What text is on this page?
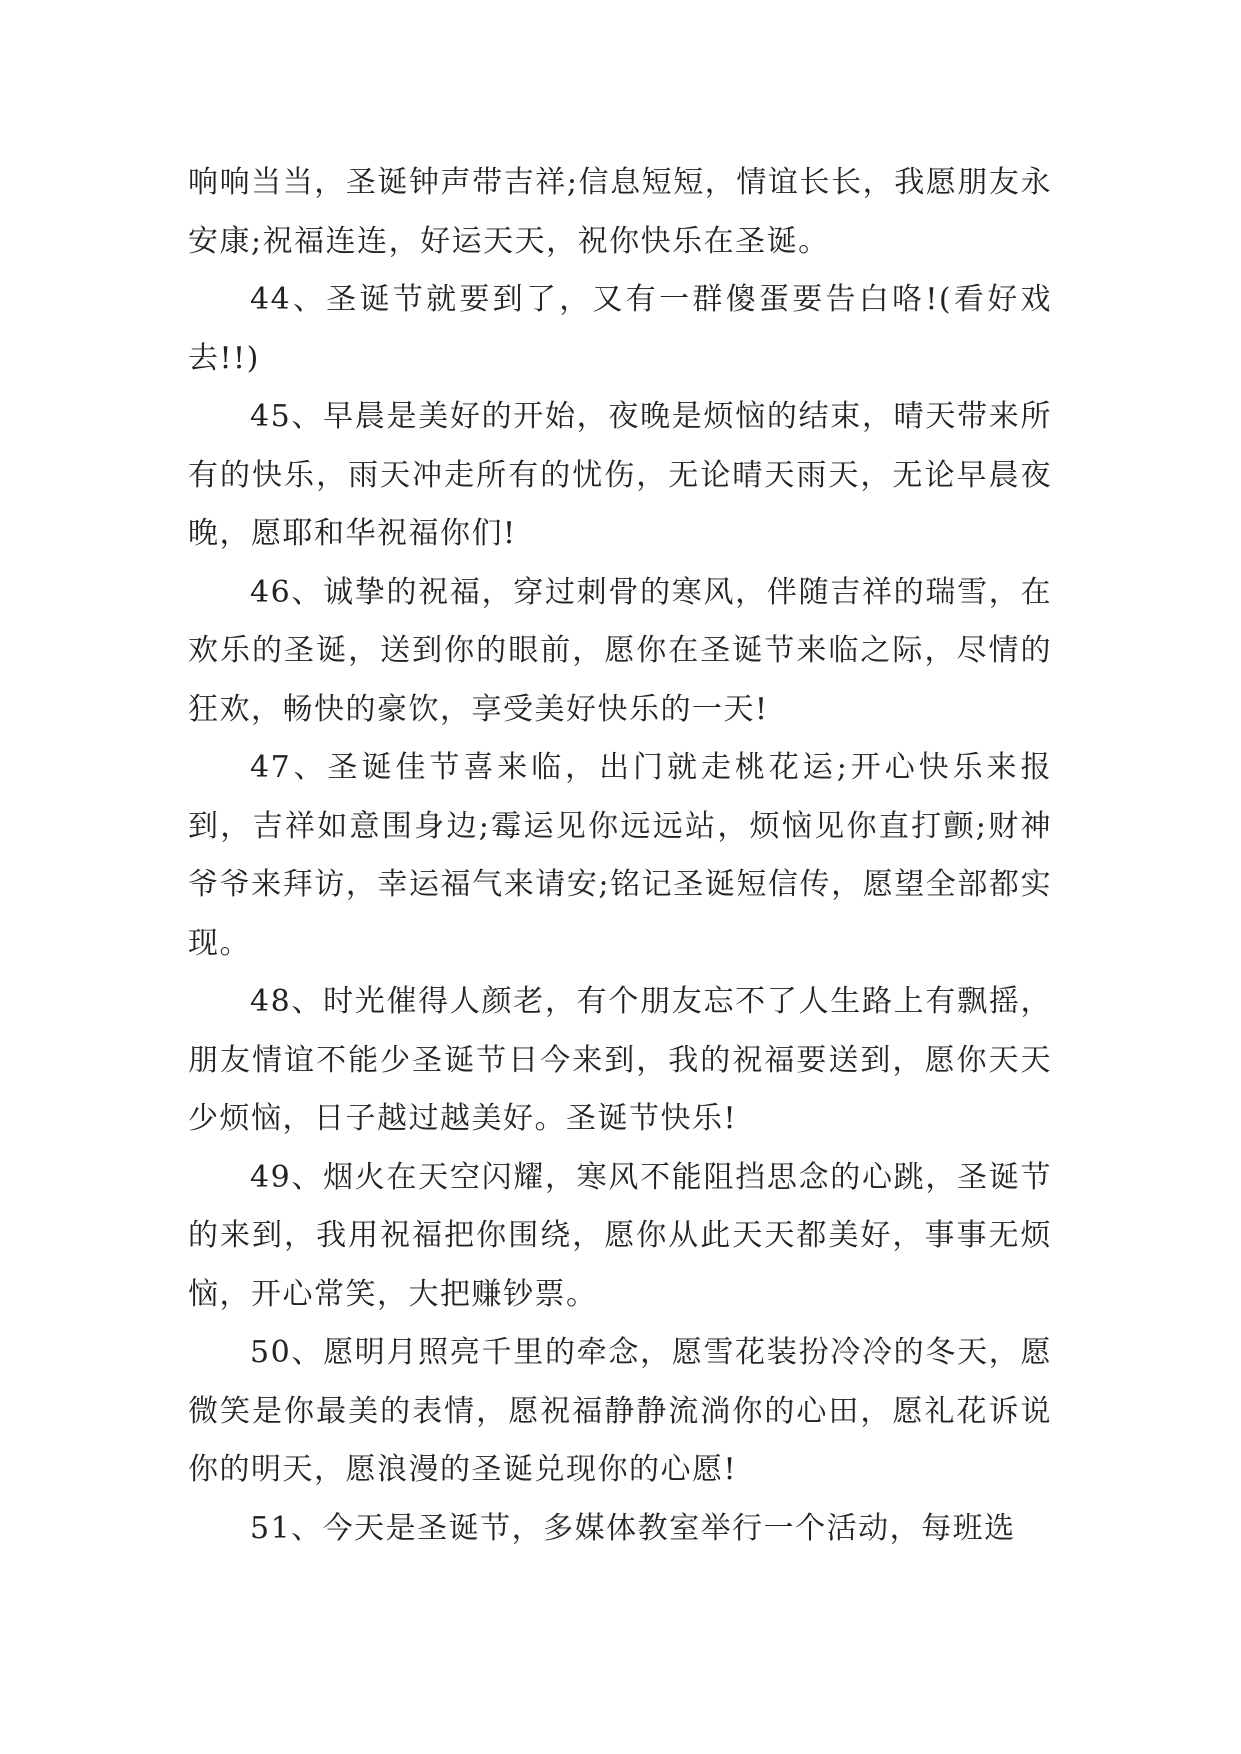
响响当当，圣诞钟声带吉祥;信息短短，情谊长长，我愿朋友永安康;祝福连连，好运天天，祝你快乐在圣诞。

44、圣诞节就要到了，又有一群傻蛋要告白咯!(看好戏去!!)

45、早晨是美好的开始，夜晚是烦恼的结束，晴天带来所有的快乐，雨天冲走所有的忧伤，无论晴天雨天，无论早晨夜晚，愿耶和华祝福你们!

46、诚挚的祝福，穿过刺骨的寒风，伴随吉祥的瑞雪，在欢乐的圣诞，送到你的眼前，愿你在圣诞节来临之际，尽情的狂欢，畅快的豪饮，享受美好快乐的一天!

47、圣诞佳节喜来临，出门就走桃花运;开心快乐来报到，吉祥如意围身边;霉运见你远远站，烦恼见你直打颤;财神爷爷来拜访，幸运福气来请安;铭记圣诞短信传，愿望全部都实现。

48、时光催得人颜老，有个朋友忘不了人生路上有飘摇，朋友情谊不能少圣诞节日今来到，我的祝福要送到，愿你天天少烦恼，日子越过越美好。圣诞节快乐!

49、烟火在天空闪耀，寒风不能阻挡思念的心跳，圣诞节的来到，我用祝福把你围绕，愿你从此天天都美好，事事无烦恼，开心常笑，大把赚钞票。

50、愿明月照亮千里的牵念，愿雪花装扮冷冷的冬天，愿微笑是你最美的表情，愿祝福静静流淌你的心田，愿礼花诉说你的明天，愿浪漫的圣诞兑现你的心愿!

51、今天是圣诞节，多媒体教室举行一个活动，每班选
